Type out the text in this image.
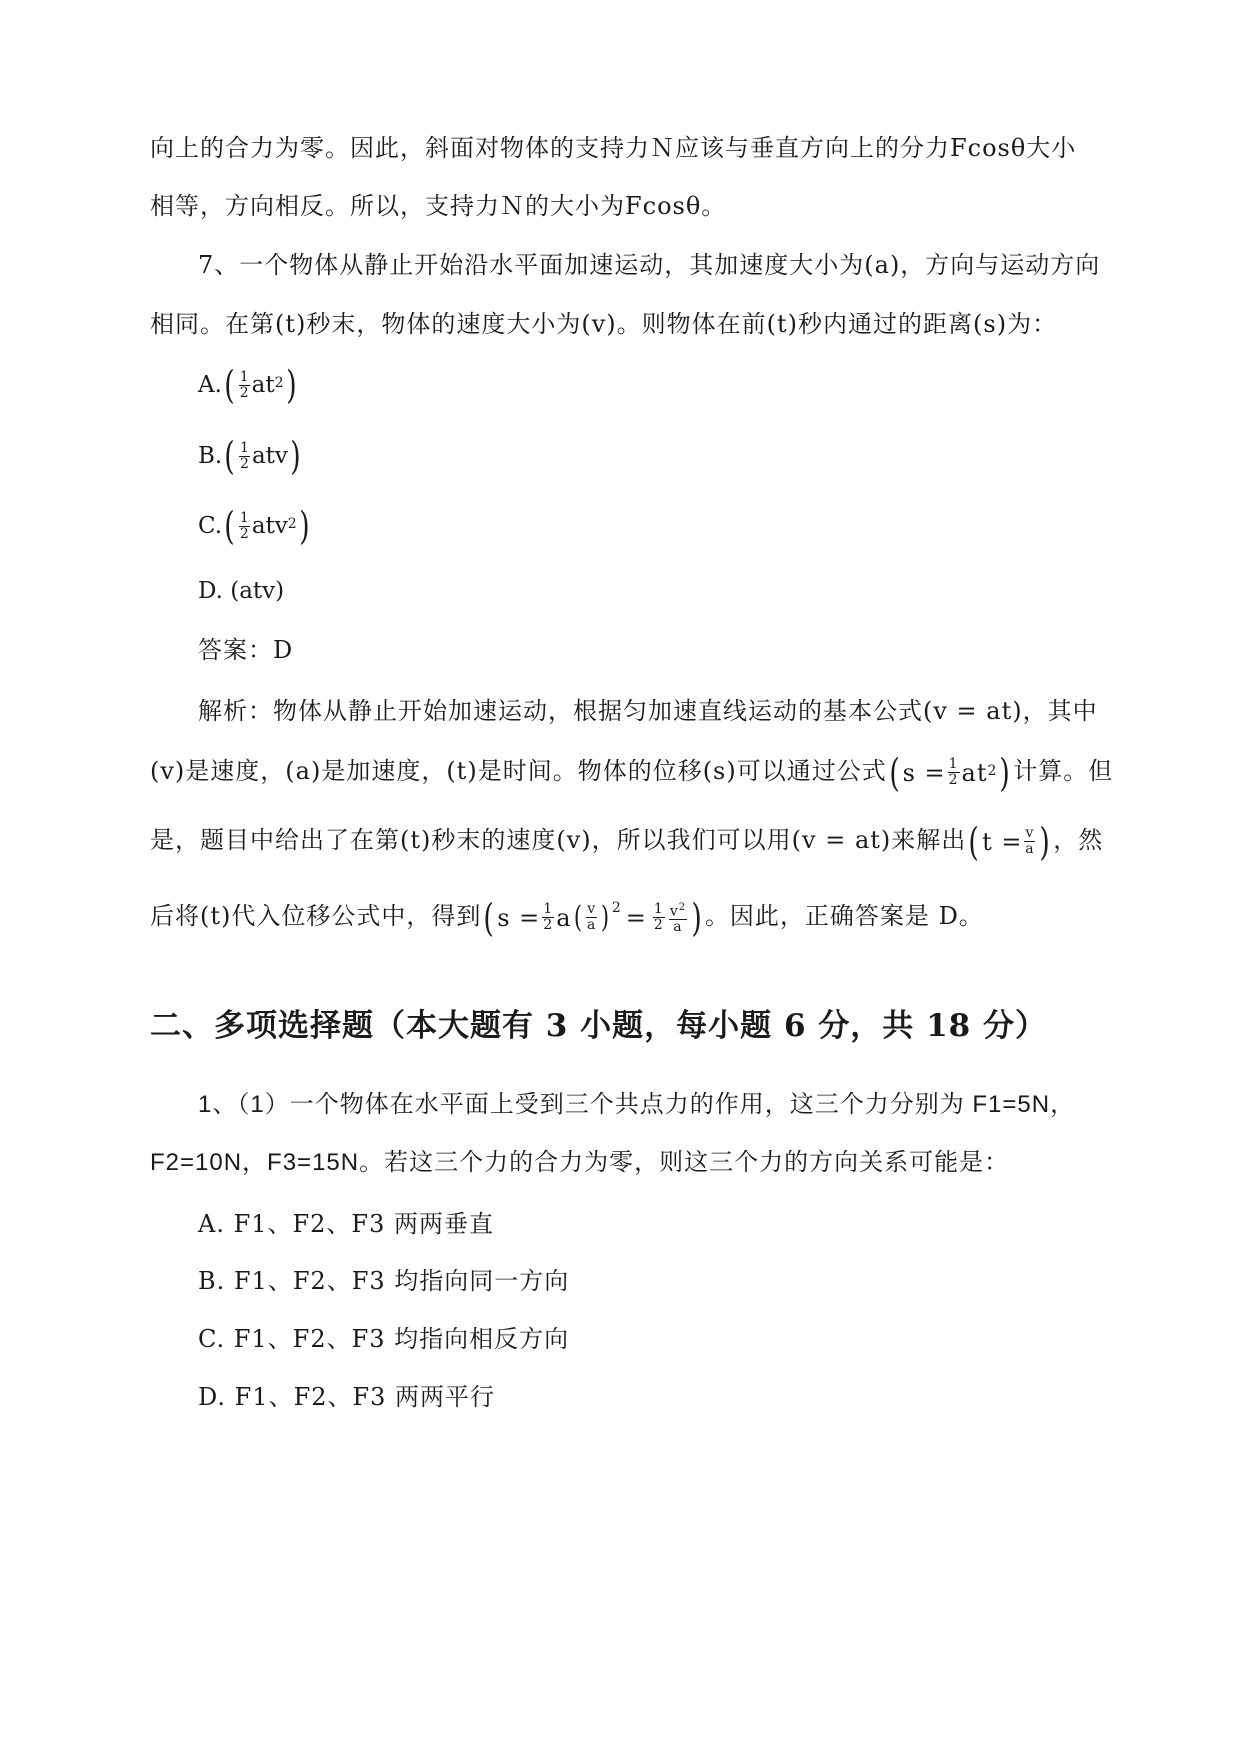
向上的合力为零。因此，斜面对物体的支持力Ｎ应该与垂直方向上的分力Fcosθ大小
相等，方向相反。所以，支持力Ｎ的大小为Fcosθ。
7、一个物体从静止开始沿水平面加速运动，其加速度大小为(a)，方向与运动方向
相同。在第(t)秒末，物体的速度大小为(v)。则物体在前(t)秒内通过的距离(s)为：
A. ( $\frac{1}{2}$ at 2 )
B. ( $\frac{1}{2}$ atv )
C. ( $\frac{1}{2}$ atv 2 )
D. (atv)
答案：D
解析：物体从静止开始加速运动，根据匀加速直线运动的基本公式(v = at)，其中
(v)是速度，(a)是加速度，(t)是时间。物体的位移(s)可以通过公式 ( $s = \frac{1}{2}$ at 2 ) 计算。但
是，题目中给出了在第(t)秒末的速度(v)，所以我们可以用(v = at)来解出 ( $t = \frac{v}{a}$ ) ，然
后将(t)代入位移公式中，得到 ( $s = \frac{1}{2}$ a ( $\frac{v}{a}$ ) $2 = \frac{1}{2} \frac{v^2}{a}$ ) 。因此，正确答案是 D。
二、多项选择题（本大题有 3 小题，每小题 6 分，共 18 分）
1、（1）一个物体在水平面上受到三个共点力的作用，这三个力分别为 F1=5N，
F2=10N，F3=15N。若这三个力的合力为零，则这三个力的方向关系可能是：
A. F1、F2、F3 两两垂直
B. F1、F2、F3 均指向同一方向
C. F1、F2、F3 均指向相反方向
D. F1、F2、F3 两两平行
